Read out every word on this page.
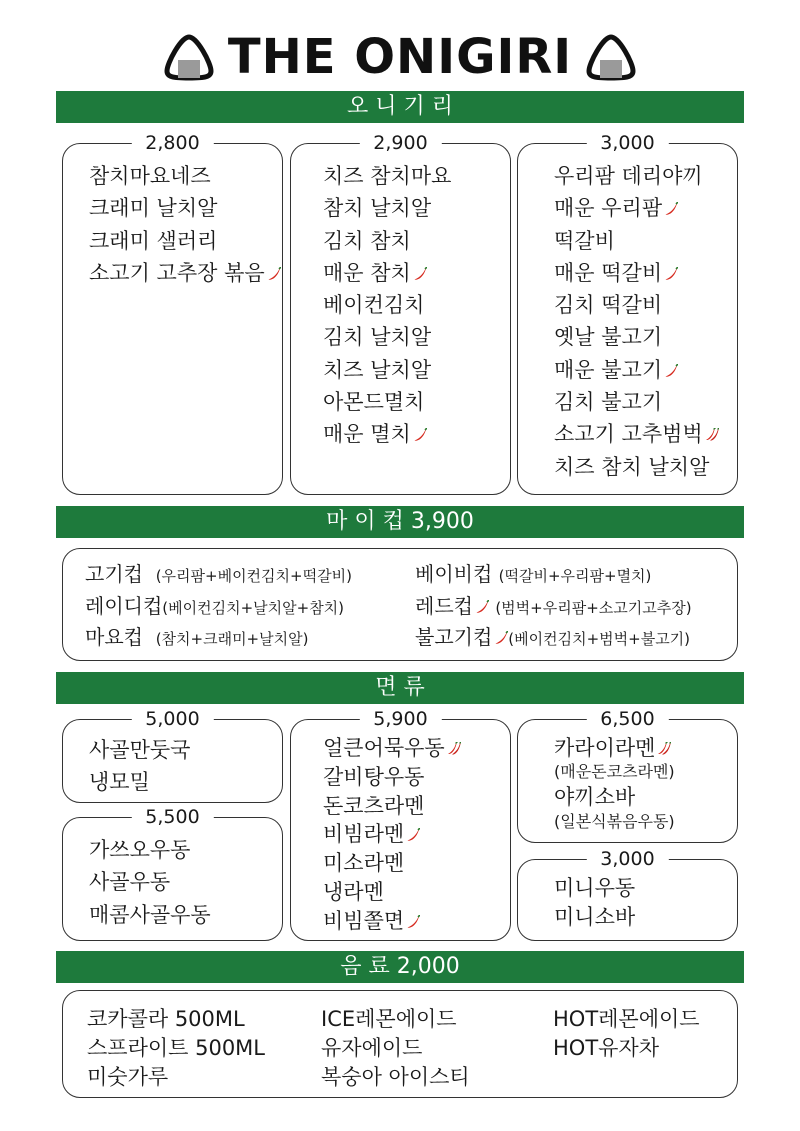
THE ONIGIRI
오 니 기 리
2,800
참치마요네즈
크래미 날치알
크래미 샐러리
소고기 고추장 볶음
2,900
치즈 참치마요
참치 날치알
김치 참치
매운 참치
베이컨김치
김치 날치알
치즈 날치알
아몬드멸치
매운 멸치
3,000
우리팜 데리야끼
매운 우리팜
떡갈비
매운 떡갈비
김치 떡갈비
옛날 불고기
매운 불고기
김치 불고기
소고기 고추범벅
치즈 참치 날치알
마 이 컵 3,900
고기컵 (우리팜+베이컨김치+떡갈비)
레이디컵(베이컨김치+날치알+참치)
마요컵 (참치+크래미+날치알)
베이비컵 (떡갈비+우리팜+멸치)
레드컵 (범벅+우리팜+소고기고추장)
불고기컵 (베이컨김치+범벅+불고기)
면 류
5,000
사골만둣국
냉모밀
5,500
가쓰오우동
사골우동
매콤사골우동
5,900
얼큰어묵우동
갈비탕우동
돈코츠라멘
비빔라멘
미소라멘
냉라멘
비빔쫄면
6,500
카라이라멘
(매운돈코츠라멘)
야끼소바
(일본식볶음우동)
3,000
미니우동
미니소바
음 료 2,000
코카콜라 500ML
스프라이트 500ML
미숫가루
ICE레몬에이드
유자에이드
복숭아 아이스티
HOT레몬에이드
HOT유자차
